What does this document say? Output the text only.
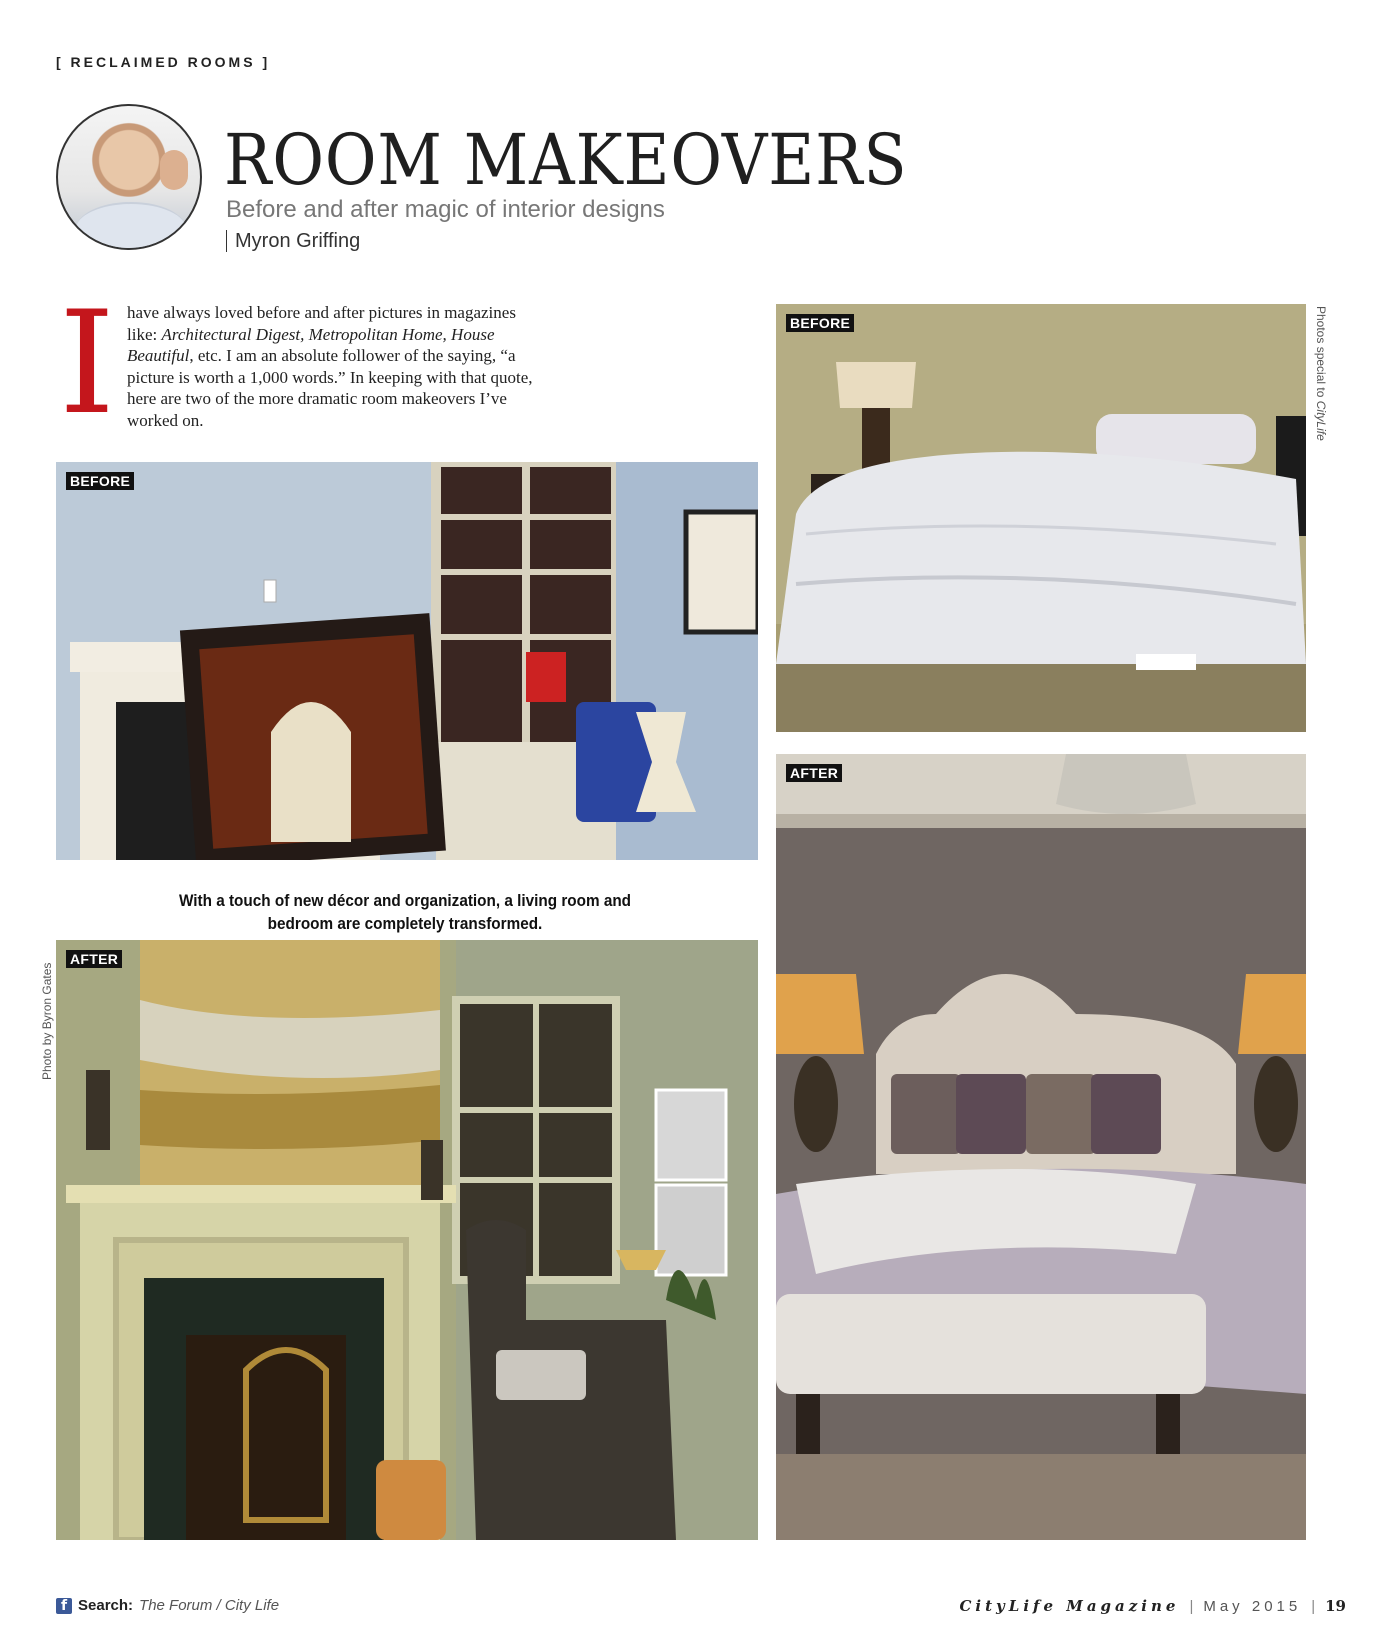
[ RECLAIMED ROOMS ]
ROOM MAKEOVERS
Before and after magic of interior designs
Myron Griffing
I have always loved before and after pictures in magazines like: Architectural Digest, Metropolitan Home, House Beautiful, etc. I am an absolute follower of the saying, “a picture is worth a 1,000 words.” In keeping with that quote, here are two of the more dramatic room makeovers I’ve worked on.
BEFORE
With a touch of new décor and organization, a living room and bedroom are completely transformed.
AFTER
BEFORE
AFTER
Photo by Byron Gates
Photos special to CityLife
f Search: The Forum / City Life	CityLife Magazine | May 2015 | 19
